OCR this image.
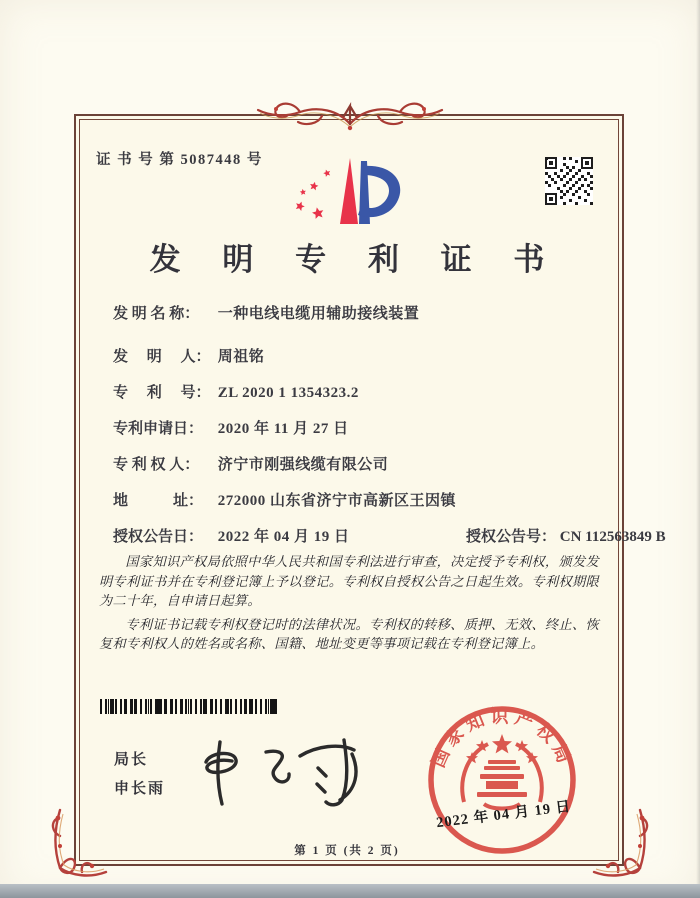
证 书 号 第 5087448 号
发 明 专 利 证 书
发 明 名 称： 一种电线电缆用辅助接线装置
发　 明　 人： 周祖铭
专　 利　 号： ZL 2020 1 1354323.2
专利申请日： 2020 年 11 月 27 日
专 利 权 人： 济宁市刚强线缆有限公司
地　　　址： 272000 山东省济宁市高新区王因镇
授权公告日： 2022 年 04 月 19 日	授权公告号： CN 112563849 B

国家知识产权局依照中华人民共和国专利法进行审查，决定授予专利权，颁发发明专利证书并在专利登记簿上予以登记。专利权自授权公告之日起生效。专利权期限为二十年，自申请日起算。

专利证书记载专利权登记时的法律状况。专利权的转移、质押、无效、终止、恢复和专利权人的姓名或名称、国籍、地址变更等事项记载在专利登记簿上。

局长
申长雨
国家知识产权局
2022 年 04 月 19 日
第 1 页 (共 2 页)
